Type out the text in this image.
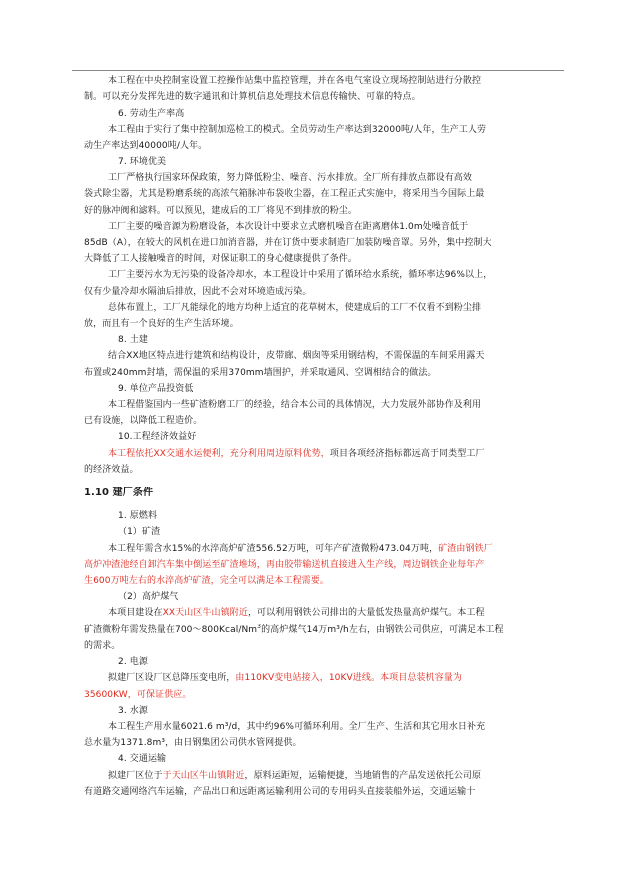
本工程在中央控制室设置工控操作站集中监控管理，并在各电气室设立现场控制站进行分散控
制。可以充分发挥先进的数字通讯和计算机信息处理技术信息传输快、可靠的特点。
6. 劳动生产率高
本工程由于实行了集中控制加巡检工的模式。全员劳动生产率达到32000吨/人年，生产工人劳
动生产率达到40000吨/人年。
7. 环境优美
工厂严格执行国家环保政策，努力降低粉尘、噪音、污水排放。全厂所有排放点都设有高效
袋式除尘器，尤其是粉磨系统的高浓气箱脉冲布袋收尘器，在工程正式实施中，将采用当今国际上最
好的脉冲阀和滤料。可以预见，建成后的工厂将见不到排放的粉尘。
工厂主要的噪音源为粉磨设备，本次设计中要求立式磨机噪音在距离磨体1.0m处噪音低于
85dB（A），在较大的风机在进口加消音器，并在订货中要求制造厂加装防噪音罩。另外，集中控制大
大降低了工人接触噪音的时间，对保证职工的身心健康提供了条件。
工厂主要污水为无污染的设备冷却水，本工程设计中采用了循环给水系统，循环率达96%以上，
仅有少量冷却水隔油后排放，因此不会对环境造成污染。
总体布置上，工厂凡能绿化的地方均种上适宜的花草树木，使建成后的工厂不仅看不到粉尘排
放，而且有一个良好的生产生活环境。
8. 土建
结合XX地区特点进行建筑和结构设计，皮带廊、烟囱等采用钢结构，不需保温的车间采用露天
布置或240mm封墙，需保温的采用370mm墙围护，并采取通风、空调相结合的做法。
9. 单位产品投资低
本工程借鉴国内一些矿渣粉磨工厂的经验，结合本公司的具体情况，大力发展外部协作及利用
已有设施，以降低工程造价。
10.工程经济效益好
本工程依托XX交通水运便利，充分利用周边原料优势，项目各项经济指标都远高于同类型工厂
的经济效益。
1.10 建厂条件
1. 原燃料
（1）矿渣
本工程年需含水15%的水淬高炉矿渣556.52万吨，可年产矿渣微粉473.04万吨，矿渣由钢铁厂
高炉冲渣池经自卸汽车集中倒运至矿渣堆场，再由胶带输送机直接进入生产线，周边钢铁企业每年产
生600万吨左右的水淬高炉矿渣，完全可以满足本工程需要。
（2）高炉煤气
本项目建设在XX天山区牛山镇附近，可以利用钢铁公司排出的大量低发热量高炉煤气。本工程
矿渣微粉年需发热量在700～800Kcal/Nm$^3$的高炉煤气14万m³/h左右，由钢铁公司供应，可满足本工程
的需求。
2. 电源
拟建厂区设厂区总降压变电所，由110KV变电站接入，10KV进线。本项目总装机容量为
35600KW，可保证供应。
3. 水源
本工程生产用水量6021.6 m³/d，其中约96%可循环利用。全厂生产、生活和其它用水日补充
总水量为1371.8m³，由日钢集团公司供水管网提供。
4. 交通运输
拟建厂区位于于天山区牛山镇附近，原料运距短，运输便捷，当地销售的产品发送依托公司原
有道路交通网络汽车运输，产品出口和远距离运输利用公司的专用码头直接装船外运，交通运输十
